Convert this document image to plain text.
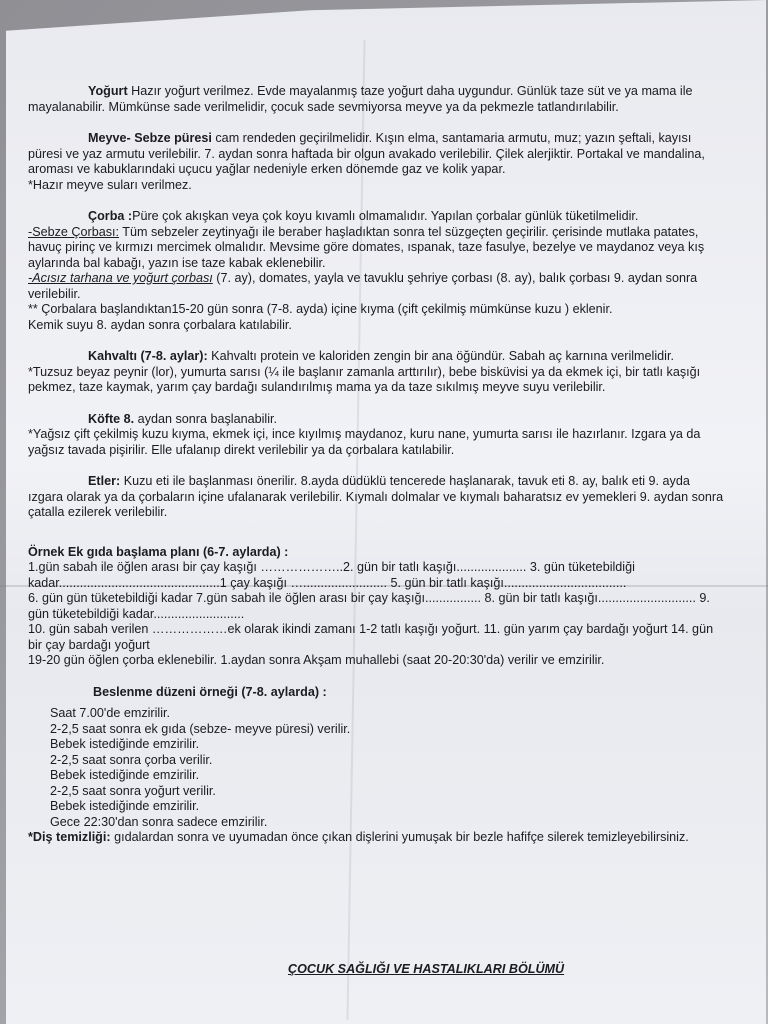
Yoğurt Hazır yoğurt verilmez. Evde mayalanmış taze yoğurt daha uygundur. Günlük taze süt ve ya mama ile mayalanabilir. Mümkünse sade verilmelidir, çocuk sade sevmiyorsa meyve ya da pekmezle tatlandırılabilir.

Meyve- Sebze püresi cam rendeden geçirilmelidir. Kışın elma, santamaria armutu, muz; yazın şeftali, kayısı püresi ve yaz armutu verilebilir. 7. aydan sonra haftada bir olgun avakado verilebilir. Çilek alerjiktir. Portakal ve mandalina, aroması ve kabuklarındaki uçucu yağlar nedeniyle erken dönemde gaz ve kolik yapar.

*Hazır meyve suları verilmez.

Çorba :Püre çok akışkan veya çok koyu kıvamlı olmamalıdır. Yapılan çorbalar günlük tüketilmelidir.

-Sebze Çorbası: Tüm sebzeler zeytinyağı ile beraber haşladıktan sonra tel süzgeçten geçirilir. çerisinde mutlaka patates, havuç pirinç ve kırmızı mercimek olmalıdır. Mevsime göre domates, ıspanak, taze fasulye, bezelye ve maydanoz veya kış aylarında bal kabağı, yazın ise taze kabak eklenebilir.

-Acısız tarhana ve yoğurt çorbası (7. ay), domates, yayla ve tavuklu şehriye çorbası (8. ay), balık çorbası 9. aydan sonra verilebilir.

** Çorbalara başlandıktan15-20 gün sonra (7-8. ayda) içine kıyma (çift çekilmiş mümkünse kuzu ) eklenir.

Kemik suyu 8. aydan sonra çorbalara katılabilir.

Kahvaltı (7-8. aylar): Kahvaltı protein ve kaloriden zengin bir ana öğündür. Sabah aç karnına verilmelidir.

*Tuzsuz beyaz peynir (lor), yumurta sarısı (¼ ile başlanır zamanla arttırılır), bebe bisküvisi ya da ekmek içi, bir tatlı kaşığı pekmez, taze kaymak, yarım çay bardağı sulandırılmış mama ya da taze sıkılmış meyve suyu verilebilir.

Köfte 8. aydan sonra başlanabilir.

*Yağsız çift çekilmiş kuzu kıyma, ekmek içi, ince kıyılmış maydanoz, kuru nane, yumurta sarısı ile hazırlanır. Izgara ya da yağsız tavada pişirilir. Elle ufalanıp direkt verilebilir ya da çorbalara katılabilir.

Etler: Kuzu eti ile başlanması önerilir. 8.ayda düdüklü tencerede haşlanarak, tavuk eti 8. ay, balık eti 9. ayda ızgara olarak ya da çorbaların içine ufalanarak verilebilir. Kıymalı dolmalar ve kıymalı baharatsız ev yemekleri 9. aydan sonra çatalla ezilerek verilebilir.

Örnek Ek gıda başlama planı (6-7. aylarda) :

1.gün sabah ile öğlen arası bir çay kaşığı ………………..2. gün bir tatlı kaşığı.................... 3. gün tüketebildiği kadar..............................................1 çay kaşığı …........................ 5. gün bir tatlı kaşığı...................................

6. gün gün tüketebildiği kadar 7.gün sabah ile öğlen arası bir çay kaşığı................ 8. gün bir tatlı kaşığı............................ 9. gün tüketebildiği kadar..........................

10. gün sabah verilen ………………ek olarak ikindi zamanı 1-2 tatlı kaşığı yoğurt. 11. gün yarım çay bardağı yoğurt 14. gün bir çay bardağı yoğurt

19-20 gün öğlen çorba eklenebilir. 1.aydan sonra Akşam muhallebi (saat 20-20:30'da) verilir ve emzirilir.

Beslenme düzeni örneği (7-8. aylarda) :

Saat 7.00'de emzirilir.

2-2,5 saat sonra ek gıda (sebze- meyve püresi) verilir.

Bebek istediğinde emzirilir.

2-2,5 saat sonra çorba verilir.

Bebek istediğinde emzirilir.

2-2,5 saat sonra yoğurt verilir.

Bebek istediğinde emzirilir.

Gece 22:30'dan sonra sadece emzirilir.

*Diş temizliği: gıdalardan sonra ve uyumadan önce çıkan dişlerini yumuşak bir bezle hafifçe silerek temizleyebilirsiniz.

ÇOCUK SAĞLIĞI VE HASTALIKLARI BÖLÜMÜ
